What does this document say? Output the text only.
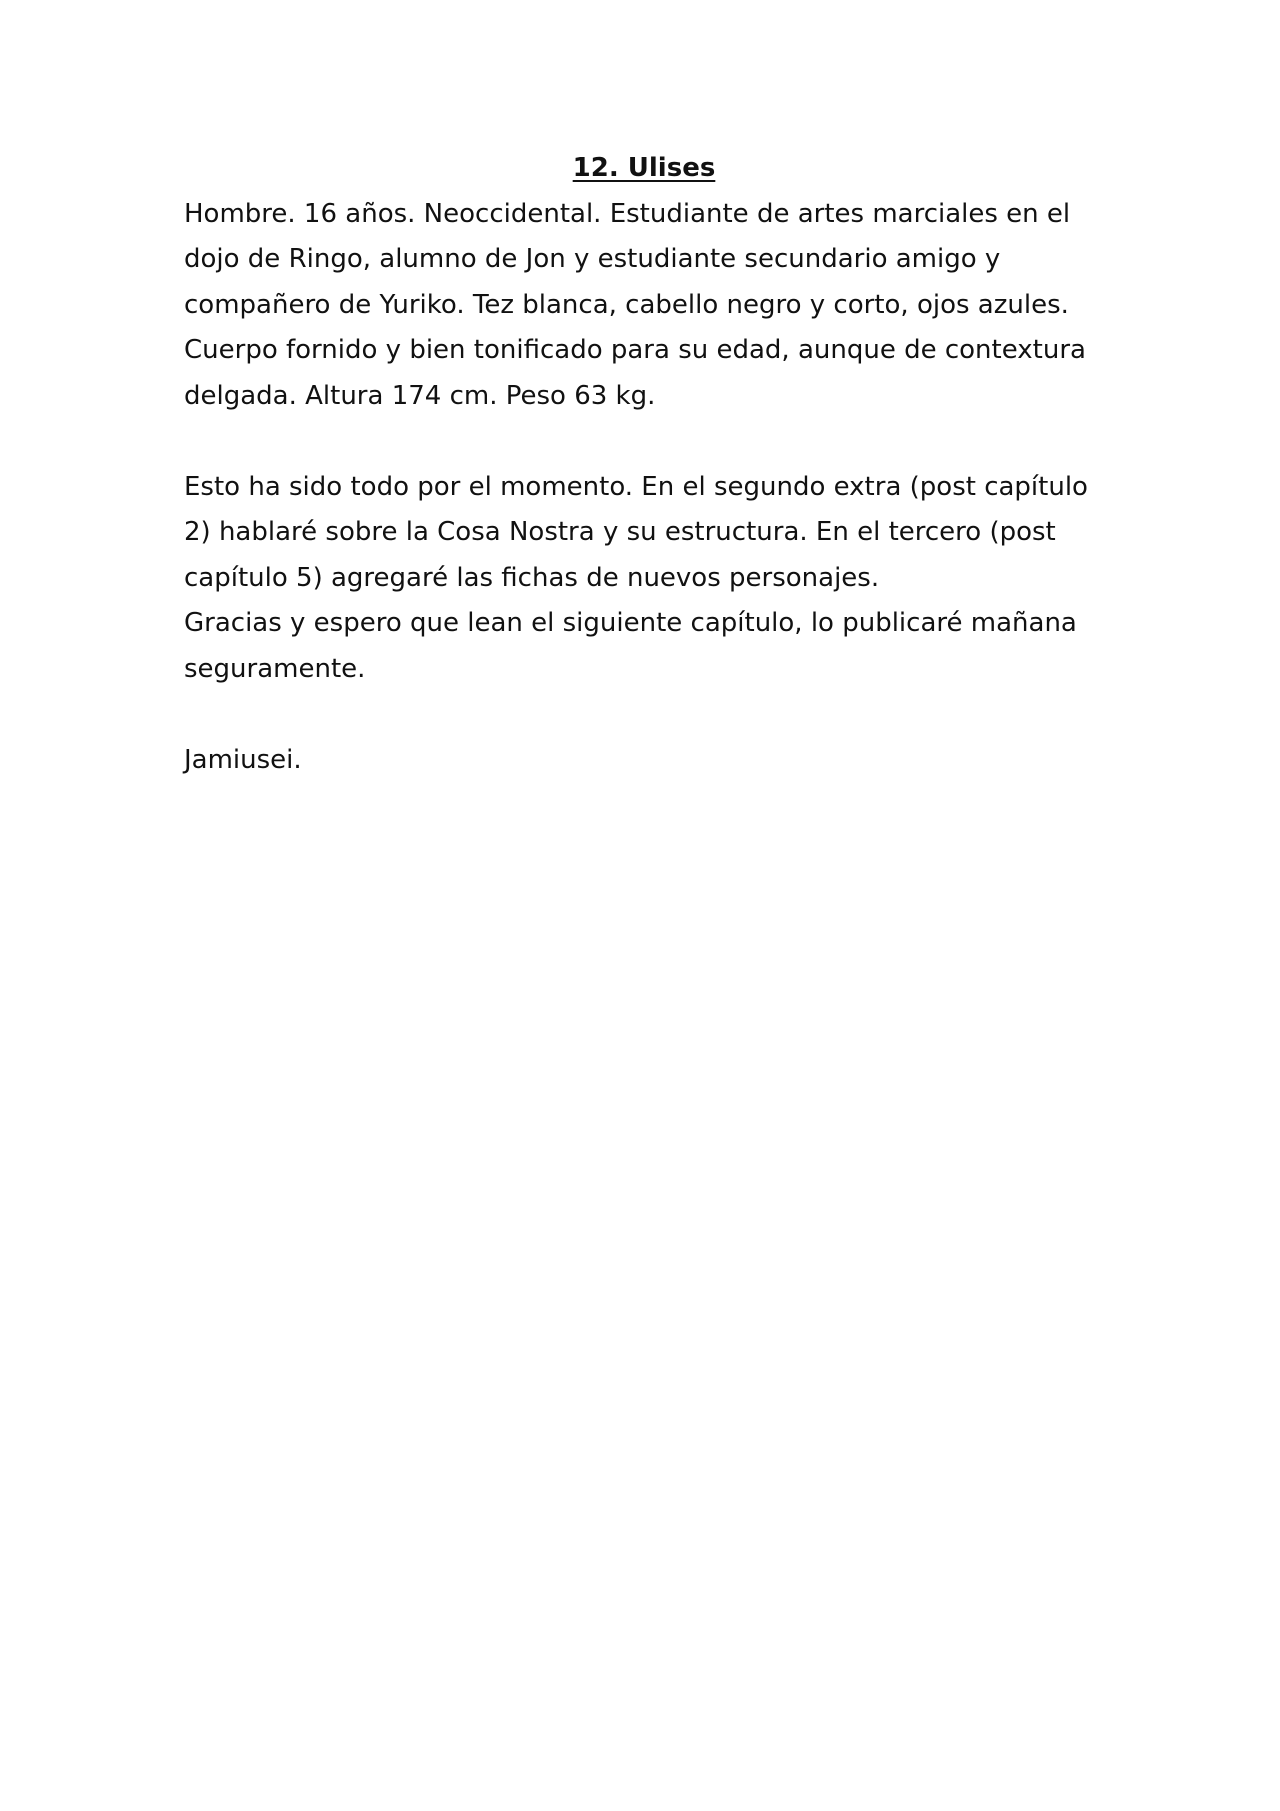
12. Ulises

Hombre. 16 años. Neoccidental. Estudiante de artes marciales en el
dojo de Ringo, alumno de Jon y estudiante secundario amigo y
compañero de Yuriko. Tez blanca, cabello negro y corto, ojos azules.
Cuerpo fornido y bien tonificado para su edad, aunque de contextura
delgada. Altura 174 cm. Peso 63 kg.

Esto ha sido todo por el momento. En el segundo extra (post capítulo
2) hablaré sobre la Cosa Nostra y su estructura. En el tercero (post
capítulo 5) agregaré las fichas de nuevos personajes.

Gracias y espero que lean el siguiente capítulo, lo publicaré mañana
seguramente.

Jamiusei.
